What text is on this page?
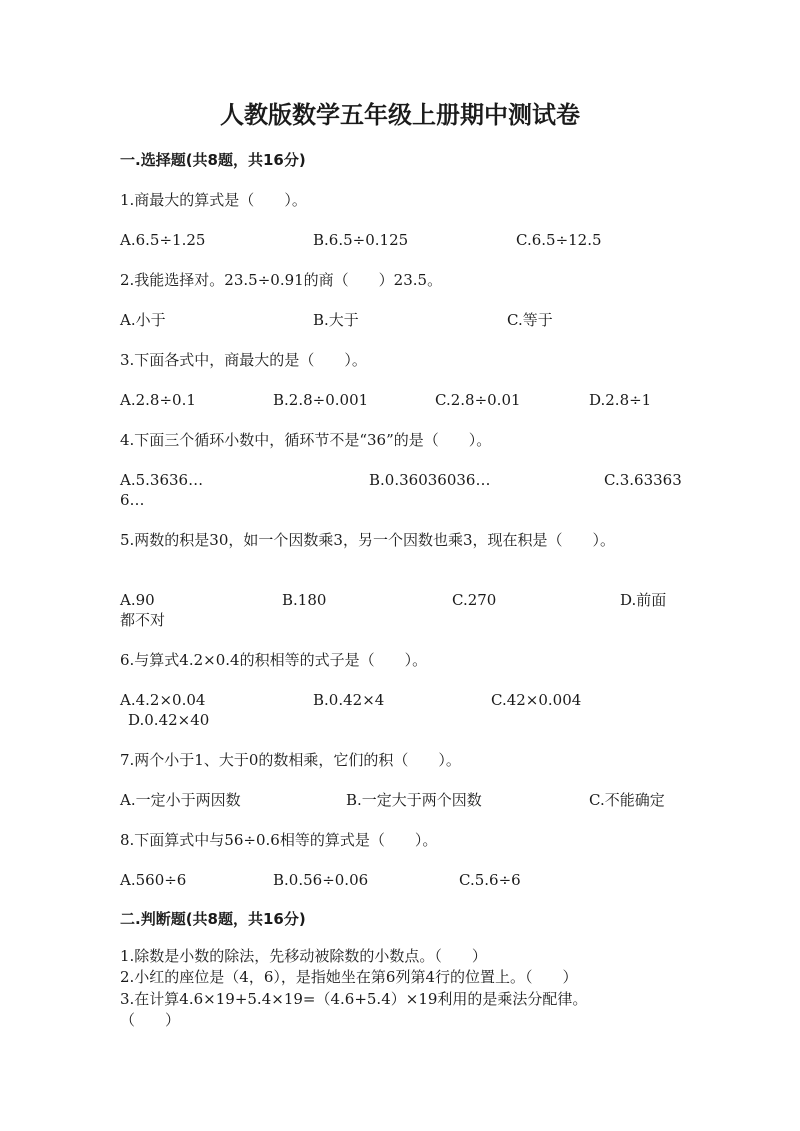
人教版数学五年级上册期中测试卷
一.选择题(共8题，共16分)
1.商最大的算式是（　　）。
A.6.5÷1.25	B.6.5÷0.125	C.6.5÷12.5
2.我能选择对。23.5÷0.91的商（　　）23.5。
A.小于	B.大于	C.等于
3.下面各式中，商最大的是（　　）。
A.2.8÷0.1	B.2.8÷0.001	C.2.8÷0.01	D.2.8÷1
4.下面三个循环小数中，循环节不是“36”的是（　　）。
A.5.3636…	B.0.36036036…	C.3.63363
6…
5.两数的积是30，如一个因数乘3，另一个因数也乘3，现在积是（　　）。
A.90	B.180	C.270	D.前面
都不对
6.与算式4.2×0.4的积相等的式子是（　　）。
A.4.2×0.04	B.0.42×4	C.42×0.004
D.0.42×40
7.两个小于1、大于0的数相乘，它们的积（　　）。
A.一定小于两因数	B.一定大于两个因数	C.不能确定
8.下面算式中与56÷0.6相等的算式是（　　）。
A.560÷6	B.0.56÷0.06	C.5.6÷6
二.判断题(共8题，共16分)
1.除数是小数的除法，先移动被除数的小数点。（　　）
2.小红的座位是（4，6），是指她坐在第6列第4行的位置上。（　　）
3.在计算4.6×19+5.4×19=（4.6+5.4）×19利用的是乘法分配律。
（　　）
